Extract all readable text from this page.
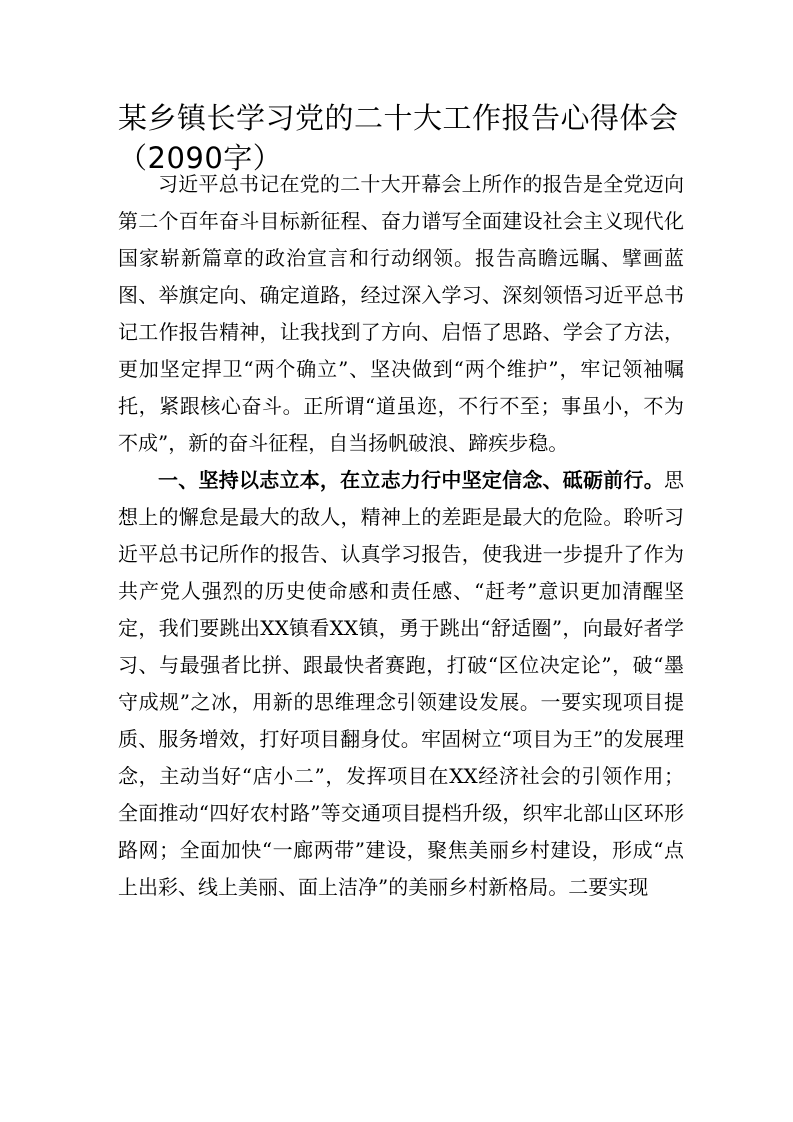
某乡镇长学习党的二十大工作报告心得体会（2090字）

习近平总书记在党的二十大开幕会上所作的报告是全党迈向第二个百年奋斗目标新征程、奋力谱写全面建设社会主义现代化国家崭新篇章的政治宣言和行动纲领。报告高瞻远瞩、擘画蓝图、举旗定向、确定道路，经过深入学习、深刻领悟习近平总书记工作报告精神，让我找到了方向、启悟了思路、学会了方法，更加坚定捍卫“两个确立”、坚决做到“两个维护”，牢记领袖嘱托，紧跟核心奋斗。正所谓“道虽迩，不行不至；事虽小，不为不成”，新的奋斗征程，自当扬帆破浪、蹄疾步稳。

一、坚持以志立本，在立志力行中坚定信念、砥砺前行。思想上的懈怠是最大的敌人，精神上的差距是最大的危险。聆听习近平总书记所作的报告、认真学习报告，使我进一步提升了作为共产党人强烈的历史使命感和责任感、“赶考”意识更加清醒坚定，我们要跳出XX镇看XX镇，勇于跳出“舒适圈”，向最好者学习、与最强者比拼、跟最快者赛跑，打破“区位决定论”，破“墨守成规”之冰，用新的思维理念引领建设发展。一要实现项目提质、服务增效，打好项目翻身仗。牢固树立“项目为王”的发展理念，主动当好“店小二”，发挥项目在XX经济社会的引领作用；全面推动“四好农村路”等交通项目提档升级，织牢北部山区环形路网；全面加快“一廊两带”建设，聚焦美丽乡村建设，形成“点上出彩、线上美丽、面上洁净”的美丽乡村新格局。二要实现
